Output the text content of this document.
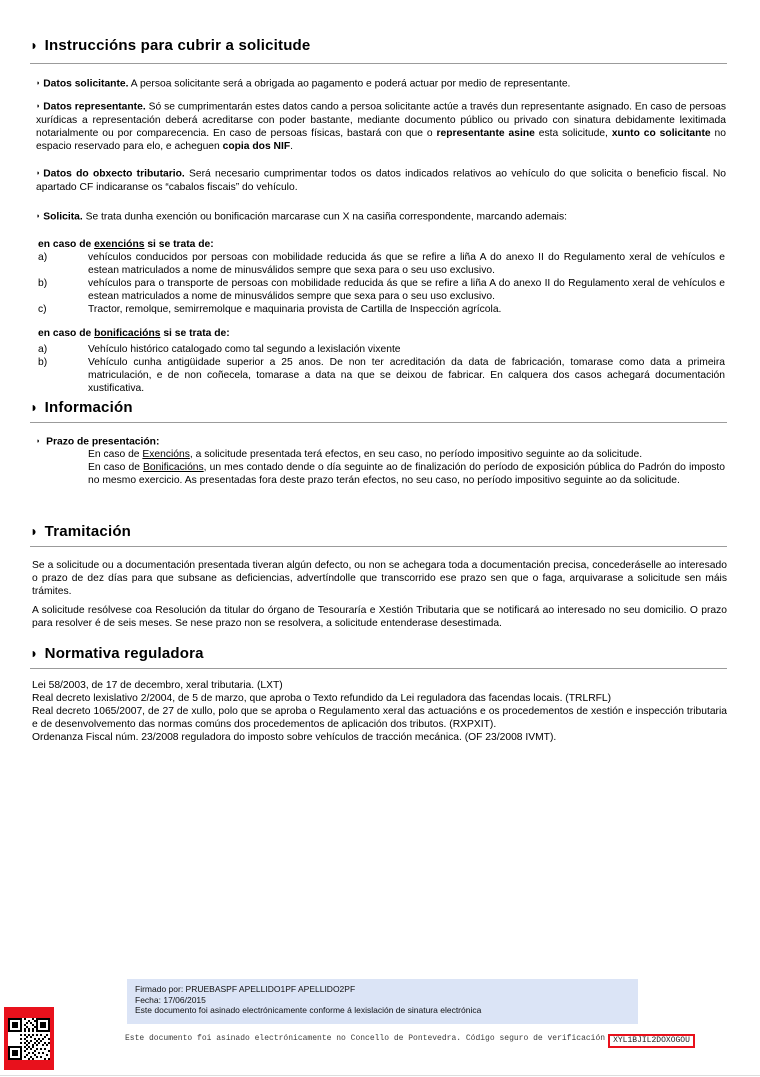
◗ Instruccións para cubrir a solicitude
◗ Datos solicitante. A persoa solicitante será a obrigada ao pagamento e poderá actuar por medio de representante.
◗ Datos representante. Só se cumprimentarán estes datos cando a persoa solicitante actúe a través dun representante asignado. En caso de persoas xurídicas a representación deberá acreditarse con poder bastante, mediante documento público ou privado con sinatura debidamente lexitimada notarialmente ou por comparecencia. En caso de persoas físicas, bastará con que o representante asine esta solicitude, xunto co solicitante no espacio reservado para elo, e acheguen copia dos NIF.
◗ Datos do obxecto tributario. Será necesario cumprimentar todos os datos indicados relativos ao vehículo do que solicita o beneficio fiscal. No apartado CF indicaranse os “cabalos fiscais” do vehículo.
◗ Solicita. Se trata dunha exención ou bonificación marcarase cun X na casiña correspondente, marcando ademais:
en caso de exencións si se trata de:
a)	vehículos conducidos por persoas con mobilidade reducida ás que se refire a liña A do anexo II do Regulamento xeral de vehículos e estean matriculados a nome de minusválidos sempre que sexa para o seu uso exclusivo.
b)	vehículos para o transporte de persoas con mobilidade reducida ás que se refire a liña A do anexo II do Regulamento xeral de vehículos e estean matriculados a nome de minusválidos sempre que sexa para o seu uso exclusivo.
c)	Tractor, remolque, semirremolque e maquinaria provista de Cartilla de Inspección agrícola.
en caso de bonificacións si se trata de:
a)	Vehículo histórico catalogado como tal segundo a lexislación vixente
b)	Vehículo cunha antigüidade superior a 25 anos. De non ter acreditación da data de fabricación, tomarase como data a primeira matriculación, e de non coñecela, tomarase a data na que se deixou de fabricar. En calquera dos casos achegará documentación xustificativa.
◗ Información
◗ Prazo de presentación:
En caso de Exencións, a solicitude presentada terá efectos, en seu caso, no período impositivo seguinte ao da solicitude.
En caso de Bonificacións, un mes contado dende o día seguinte ao de finalización do período de exposición pública do Padrón do imposto no mesmo exercicio. As presentadas fora deste prazo terán efectos, no seu caso, no período impositivo seguinte ao da solicitude.
◗ Tramitación
Se a solicitude ou a documentación presentada tiveran algún defecto, ou non se achegara toda a documentación precisa, concederáselle ao interesado o prazo de dez días para que subsane as deficiencias, advertíndolle que transcorrido ese prazo sen que o faga, arquivarase a solicitude sen máis trámites.
A solicitude resólvese coa Resolución da titular do órgano de Tesouraría e Xestión Tributaria que se notificará ao interesado no seu domicilio. O prazo para resolver é de seis meses. Se nese prazo non se resolvera, a solicitude entenderase desestimada.
◗ Normativa reguladora
Lei 58/2003, de 17 de decembro, xeral tributaria. (LXT)
Real decreto lexislativo 2/2004, de 5 de marzo, que aproba o Texto refundido da Lei reguladora das facendas locais. (TRLRFL)
Real decreto 1065/2007, de 27 de xullo, polo que se aproba o Regulamento xeral das actuacións e os procedementos de xestión e inspección tributaria e de desenvolvemento das normas comúns dos procedementos de aplicación dos tributos. (RXPXIT).
Ordenanza Fiscal núm. 23/2008 reguladora do imposto sobre vehículos de tracción mecánica. (OF 23/2008 IVMT).
Firmado por: PRUEBASPF APELLIDO1PF APELLIDO2PF
Fecha: 17/06/2015
Este documento foi asinado electrónicamente conforme á lexislación de sinatura electrónica
Este documento foi asinado electrónicamente no Concello de Pontevedra. Código seguro de verificación XYL1BJIL2DOXOGOU
